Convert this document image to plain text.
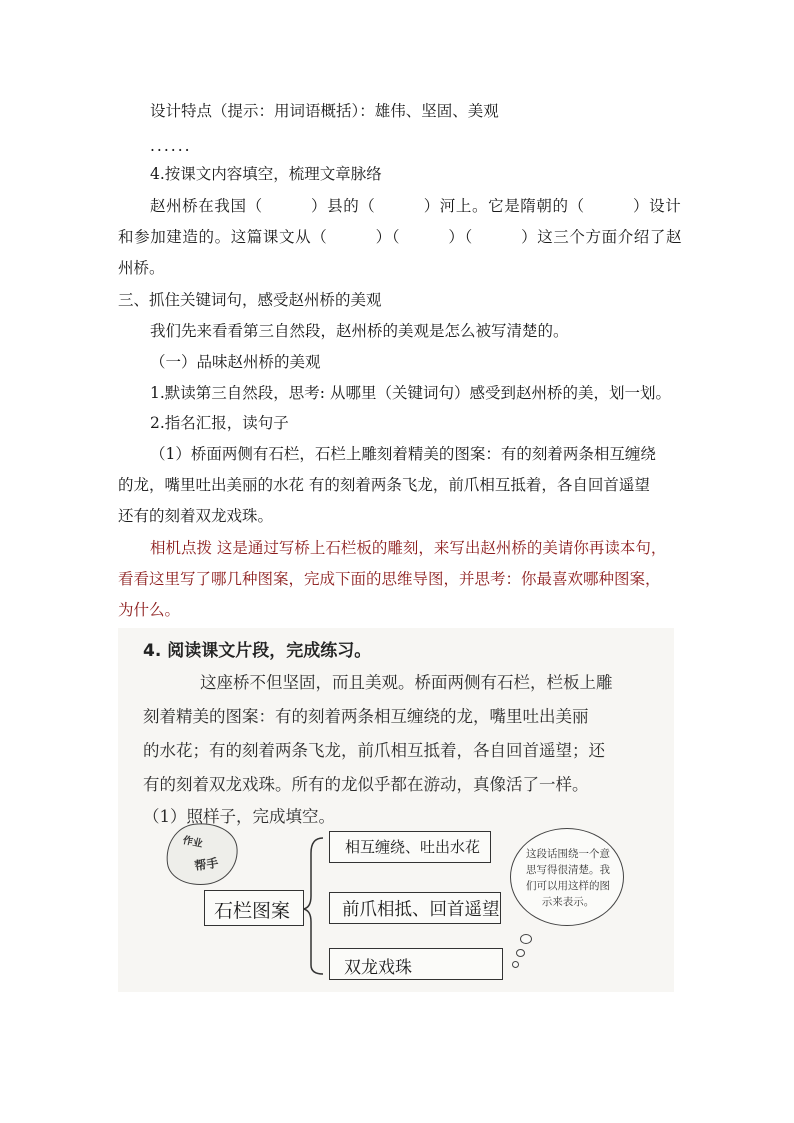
设计特点（提示：用词语概括）：雄伟、坚固、美观
......
4.按课文内容填空，梳理文章脉络
赵州桥在我国（　　　）县的（　　　）河上。它是隋朝的（　　　）设计
和参加建造的。这篇课文从（　　　）（　　　）（　　　）这三个方面介绍了赵
州桥。
三、抓住关键词句，感受赵州桥的美观
我们先来看看第三自然段，赵州桥的美观是怎么被写清楚的。
（一）品味赵州桥的美观
1.默读第三自然段，思考: 从哪里（关键词句）感受到赵州桥的美，划一划。
2.指名汇报，读句子
（1）桥面两侧有石栏，石栏上雕刻着精美的图案：有的刻着两条相互缠绕
的龙，嘴里吐出美丽的水花 有的刻着两条飞龙，前爪相互抵着，各自回首遥望
还有的刻着双龙戏珠。
相机点拨 这是通过写桥上石栏板的雕刻，来写出赵州桥的美请你再读本句，
看看这里写了哪几种图案，完成下面的思维导图，并思考：你最喜欢哪种图案，
为什么。
4. 阅读课文片段，完成练习。
这座桥不但坚固，而且美观。桥面两侧有石栏，栏板上雕
刻着精美的图案：有的刻着两条相互缠绕的龙，嘴里吐出美丽
的水花；有的刻着两条飞龙，前爪相互抵着，各自回首遥望；还
有的刻着双龙戏珠。所有的龙似乎都在游动，真像活了一样。
（1）照样子，完成填空。
作业
帮手
石栏图案
相互缠绕、吐出水花
前爪相抵、回首遥望
双龙戏珠
这段话围绕一个意思写得很清楚。我们可以用这样的图示来表示。
